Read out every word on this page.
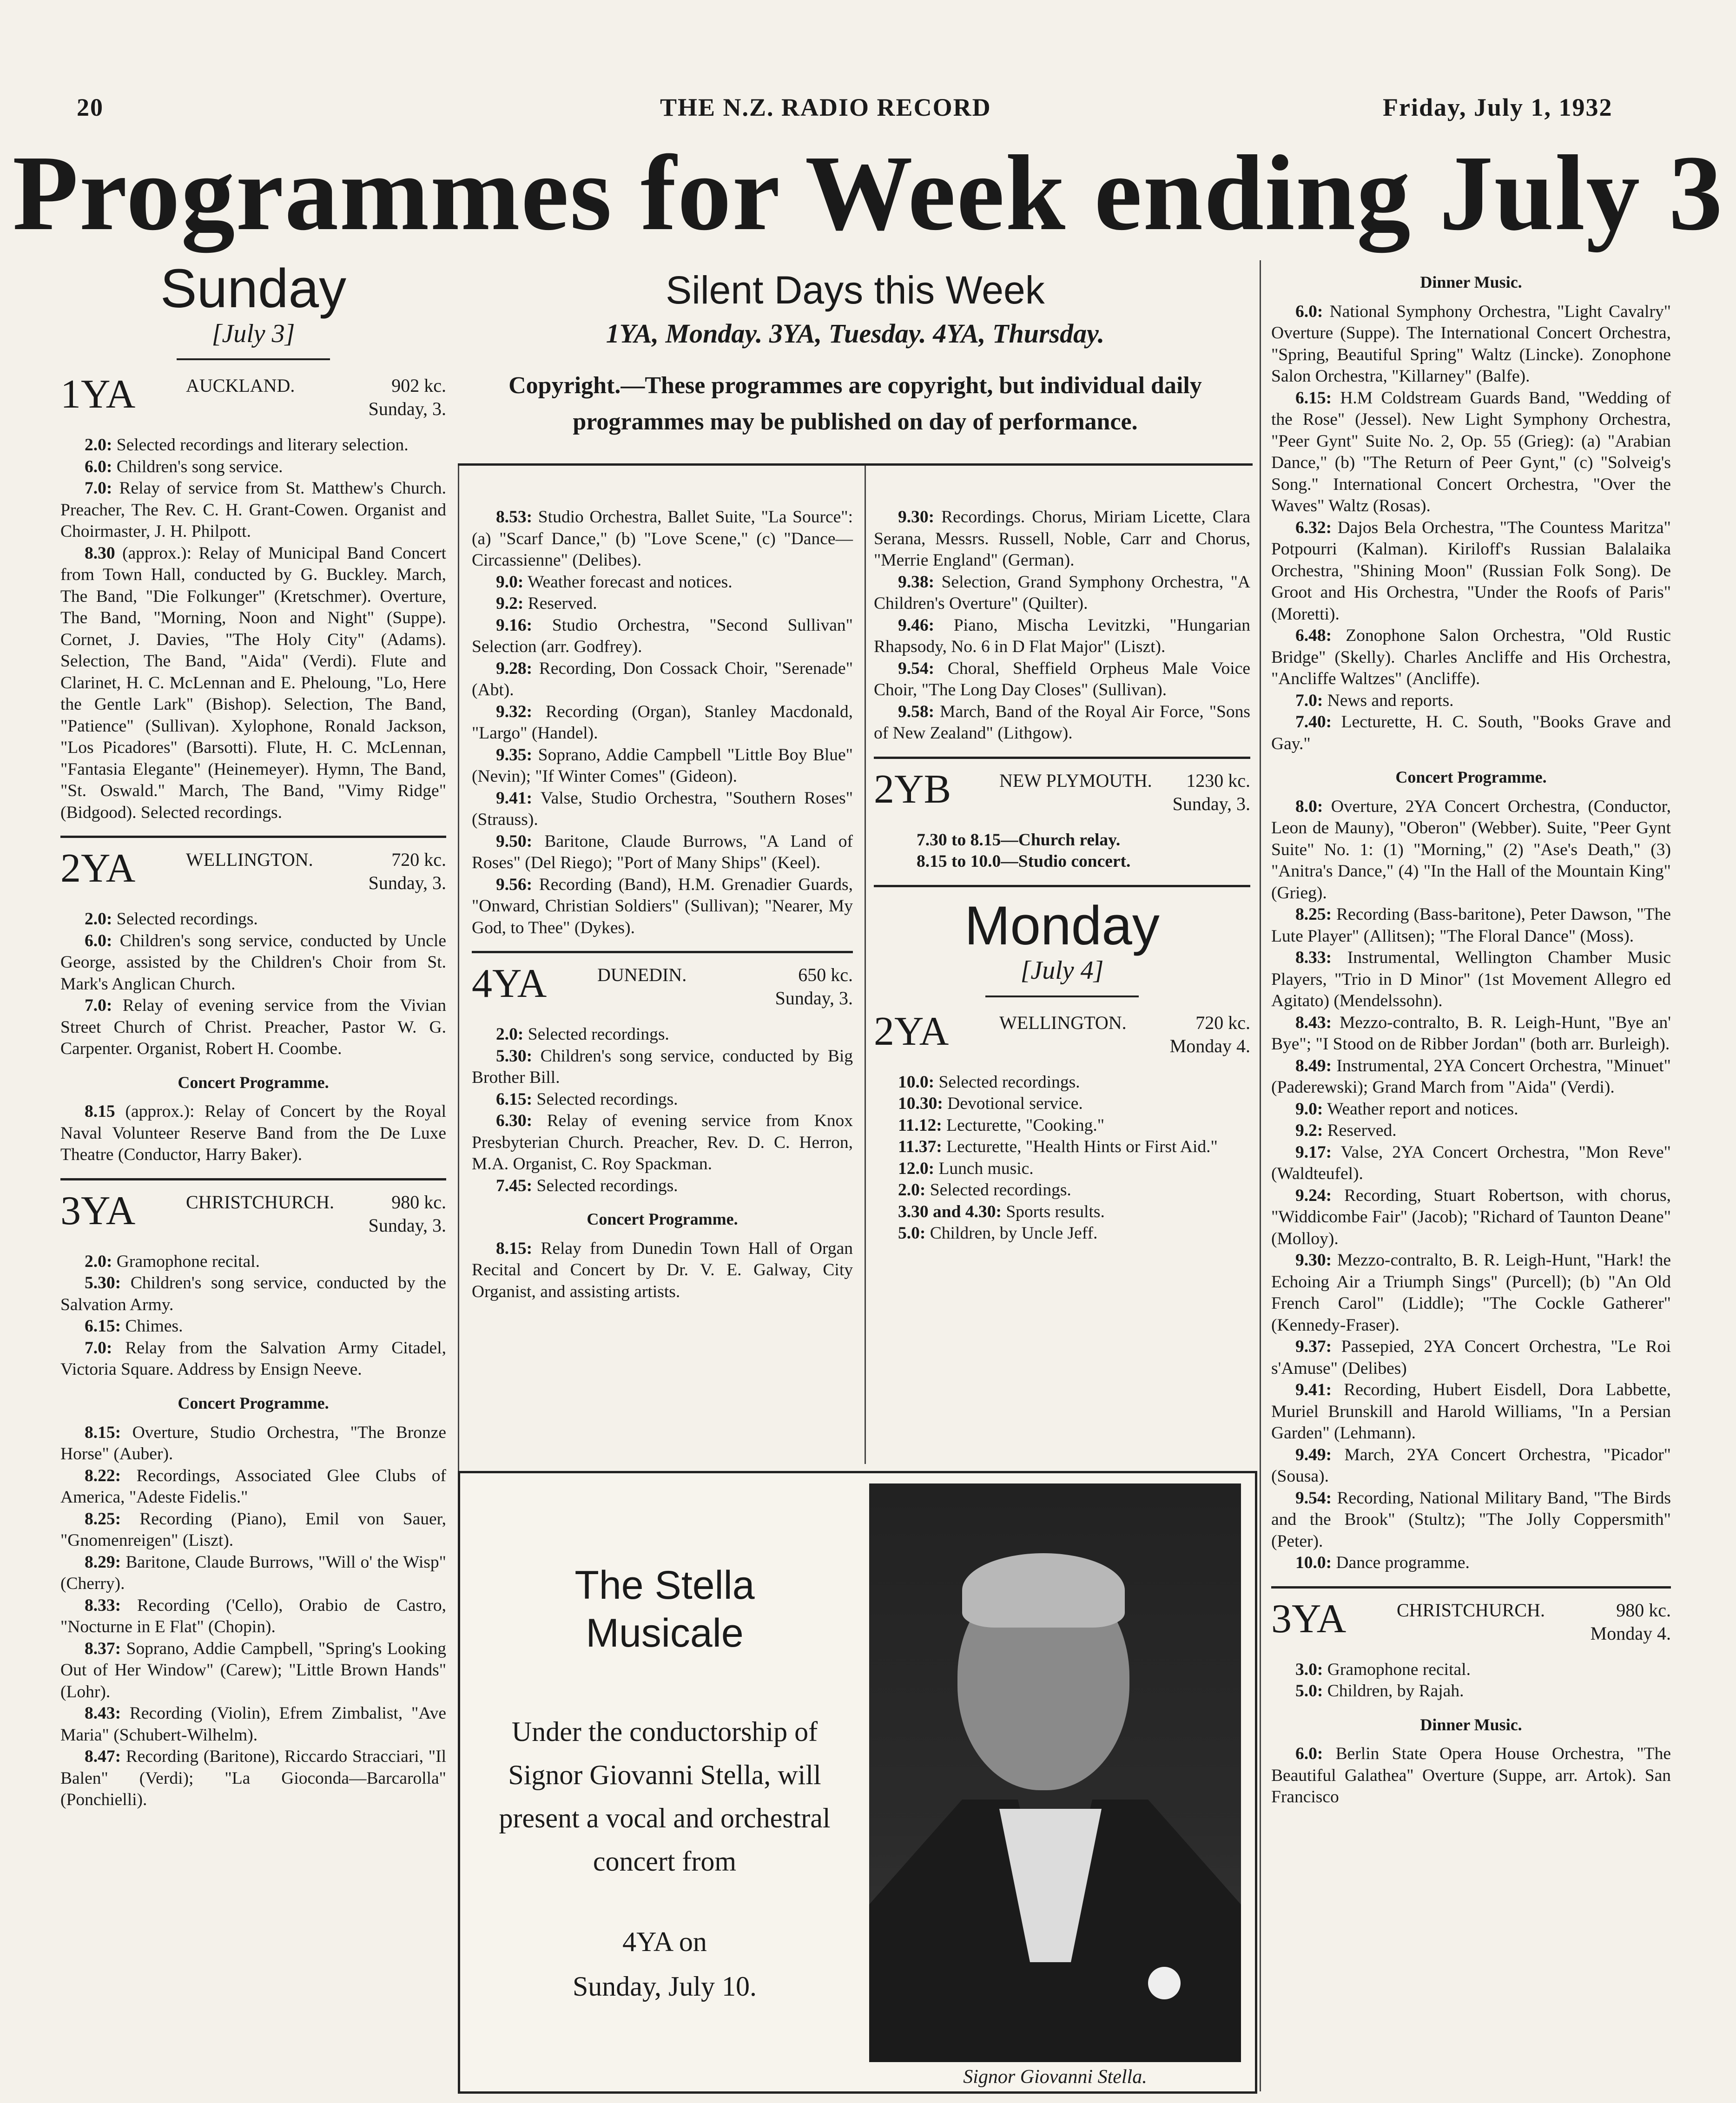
20	THE N.Z. RADIO RECORD	Friday, July 1, 1932
Programmes for Week ending July 3
Sunday
[July 3]
1YA	AUCKLAND.	902 kc.
Sunday, 3.

2.0: Selected recordings and literary selection.

6.0: Children's song service.

7.0: Relay of service from St. Matthew's Church. Preacher, The Rev. C. H. Grant-Cowen. Organist and Choirmaster, J. H. Philpott.

8.30 (approx.): Relay of Municipal Band Concert from Town Hall, conducted by G. Buckley. March, The Band, "Die Folkunger" (Kretschmer). Overture, The Band, "Morning, Noon and Night" (Suppe). Cornet, J. Davies, "The Holy City" (Adams). Selection, The Band, "Aida" (Verdi). Flute and Clarinet, H. C. McLennan and E. Pheloung, "Lo, Here the Gentle Lark" (Bishop). Selection, The Band, "Patience" (Sullivan). Xylophone, Ronald Jackson, "Los Picadores" (Barsotti). Flute, H. C. McLennan, "Fantasia Elegante" (Heinemeyer). Hymn, The Band, "St. Oswald." March, The Band, "Vimy Ridge" (Bidgood). Selected recordings.

2YA	WELLINGTON.	720 kc.
Sunday, 3.

2.0: Selected recordings.

6.0: Children's song service, conducted by Uncle George, assisted by the Children's Choir from St. Mark's Anglican Church.

7.0: Relay of evening service from the Vivian Street Church of Christ. Preacher, Pastor W. G. Carpenter. Organist, Robert H. Coombe.

Concert Programme.

8.15 (approx.): Relay of Concert by the Royal Naval Volunteer Reserve Band from the De Luxe Theatre (Conductor, Harry Baker).

3YA	CHRISTCHURCH.	980 kc.
Sunday, 3.

2.0: Gramophone recital.

5.30: Children's song service, conducted by the Salvation Army.

6.15: Chimes.

7.0: Relay from the Salvation Army Citadel, Victoria Square. Address by Ensign Neeve.

Concert Programme.

8.15: Overture, Studio Orchestra, "The Bronze Horse" (Auber).

8.22: Recordings, Associated Glee Clubs of America, "Adeste Fidelis."

8.25: Recording (Piano), Emil von Sauer, "Gnomenreigen" (Liszt).

8.29: Baritone, Claude Burrows, "Will o' the Wisp" (Cherry).

8.33: Recording ('Cello), Orabio de Castro, "Nocturne in E Flat" (Chopin).

8.37: Soprano, Addie Campbell, "Spring's Looking Out of Her Window" (Carew); "Little Brown Hands" (Lohr).

8.43: Recording (Violin), Efrem Zimbalist, "Ave Maria" (Schubert-Wilhelm).

8.47: Recording (Baritone), Riccardo Stracciari, "Il Balen" (Verdi); "La Gioconda—Barcarolla" (Ponchielli).

Silent Days this Week
1YA, Monday. 3YA, Tuesday. 4YA, Thursday.
Copyright.—These programmes are copyright, but individual daily programmes may be published on day of performance.

8.53: Studio Orchestra, Ballet Suite, "La Source": (a) "Scarf Dance," (b) "Love Scene," (c) "Dance—Circassienne" (Delibes).

9.0: Weather forecast and notices.

9.2: Reserved.

9.16: Studio Orchestra, "Second Sullivan" Selection (arr. Godfrey).

9.28: Recording, Don Cossack Choir, "Serenade" (Abt).

9.32: Recording (Organ), Stanley Macdonald, "Largo" (Handel).

9.35: Soprano, Addie Campbell "Little Boy Blue" (Nevin); "If Winter Comes" (Gideon).

9.41: Valse, Studio Orchestra, "Southern Roses" (Strauss).

9.50: Baritone, Claude Burrows, "A Land of Roses" (Del Riego); "Port of Many Ships" (Keel).

9.56: Recording (Band), H.M. Grenadier Guards, "Onward, Christian Soldiers" (Sullivan); "Nearer, My God, to Thee" (Dykes).

4YA	DUNEDIN.	650 kc.
Sunday, 3.

2.0: Selected recordings.

5.30: Children's song service, conducted by Big Brother Bill.

6.15: Selected recordings.

6.30: Relay of evening service from Knox Presbyterian Church. Preacher, Rev. D. C. Herron, M.A. Organist, C. Roy Spackman.

7.45: Selected recordings.

Concert Programme.

8.15: Relay from Dunedin Town Hall of Organ Recital and Concert by Dr. V. E. Galway, City Organist, and assisting artists.

9.30: Recordings. Chorus, Miriam Licette, Clara Serana, Messrs. Russell, Noble, Carr and Chorus, "Merrie England" (German).

9.38: Selection, Grand Symphony Orchestra, "A Children's Overture" (Quilter).

9.46: Piano, Mischa Levitzki, "Hungarian Rhapsody, No. 6 in D Flat Major" (Liszt).

9.54: Choral, Sheffield Orpheus Male Voice Choir, "The Long Day Closes" (Sullivan).

9.58: March, Band of the Royal Air Force, "Sons of New Zealand" (Lithgow).

2YB	NEW PLYMOUTH. 1230 kc.
Sunday, 3.

7.30 to 8.15—Church relay.

8.15 to 10.0—Studio concert.

Monday
[July 4]
2YA	WELLINGTON.	720 kc.
Monday 4.

10.0: Selected recordings.

10.30: Devotional service.

11.12: Lecturette, "Cooking."

11.37: Lecturette, "Health Hints or First Aid."

12.0: Lunch music.

2.0: Selected recordings.

3.30 and 4.30: Sports results.

5.0: Children, by Uncle Jeff.

The Stella
Musicale
Under the conductorship of Signor Giovanni Stella, will present a vocal and orchestral concert from
4YA on
Sunday, July 10.
Signor Giovanni Stella.
Dinner Music.

6.0: National Symphony Orchestra, "Light Cavalry" Overture (Suppe). The International Concert Orchestra, "Spring, Beautiful Spring" Waltz (Lincke). Zonophone Salon Orchestra, "Killarney" (Balfe).

6.15: H.M Coldstream Guards Band, "Wedding of the Rose" (Jessel). New Light Symphony Orchestra, "Peer Gynt" Suite No. 2, Op. 55 (Grieg): (a) "Arabian Dance," (b) "The Return of Peer Gynt," (c) "Solveig's Song." International Concert Orchestra, "Over the Waves" Waltz (Rosas).

6.32: Dajos Bela Orchestra, "The Countess Maritza" Potpourri (Kalman). Kiriloff's Russian Balalaika Orchestra, "Shining Moon" (Russian Folk Song). De Groot and His Orchestra, "Under the Roofs of Paris" (Moretti).

6.48: Zonophone Salon Orchestra, "Old Rustic Bridge" (Skelly). Charles Ancliffe and His Orchestra, "Ancliffe Waltzes" (Ancliffe).

7.0: News and reports.

7.40: Lecturette, H. C. South, "Books Grave and Gay."

Concert Programme.

8.0: Overture, 2YA Concert Orchestra, (Conductor, Leon de Mauny), "Oberon" (Webber). Suite, "Peer Gynt Suite" No. 1: (1) "Morning," (2) "Ase's Death," (3) "Anitra's Dance," (4) "In the Hall of the Mountain King" (Grieg).

8.25: Recording (Bass-baritone), Peter Dawson, "The Lute Player" (Allitsen); "The Floral Dance" (Moss).

8.33: Instrumental, Wellington Chamber Music Players, "Trio in D Minor" (1st Movement Allegro ed Agitato) (Mendelssohn).

8.43: Mezzo-contralto, B. R. Leigh-Hunt, "Bye an' Bye"; "I Stood on de Ribber Jordan" (both arr. Burleigh).

8.49: Instrumental, 2YA Concert Orchestra, "Minuet" (Paderewski); Grand March from "Aida" (Verdi).

9.0: Weather report and notices.

9.2: Reserved.

9.17: Valse, 2YA Concert Orchestra, "Mon Reve" (Waldteufel).

9.24: Recording, Stuart Robertson, with chorus, "Widdicombe Fair" (Jacob); "Richard of Taunton Deane" (Molloy).

9.30: Mezzo-contralto, B. R. Leigh-Hunt, "Hark! the Echoing Air a Triumph Sings" (Purcell); (b) "An Old French Carol" (Liddle); "The Cockle Gatherer" (Kennedy-Fraser).

9.37: Passepied, 2YA Concert Orchestra, "Le Roi s'Amuse" (Delibes)

9.41: Recording, Hubert Eisdell, Dora Labbette, Muriel Brunskill and Harold Williams, "In a Persian Garden" (Lehmann).

9.49: March, 2YA Concert Orchestra, "Picador" (Sousa).

9.54: Recording, National Military Band, "The Birds and the Brook" (Stultz); "The Jolly Coppersmith" (Peter).

10.0: Dance programme.

3YA	CHRISTCHURCH.	980 kc.
Monday 4.

3.0: Gramophone recital.

5.0: Children, by Rajah.

Dinner Music.

6.0: Berlin State Opera House Orchestra, "The Beautiful Galathea" Overture (Suppe, arr. Artok). San Francisco
